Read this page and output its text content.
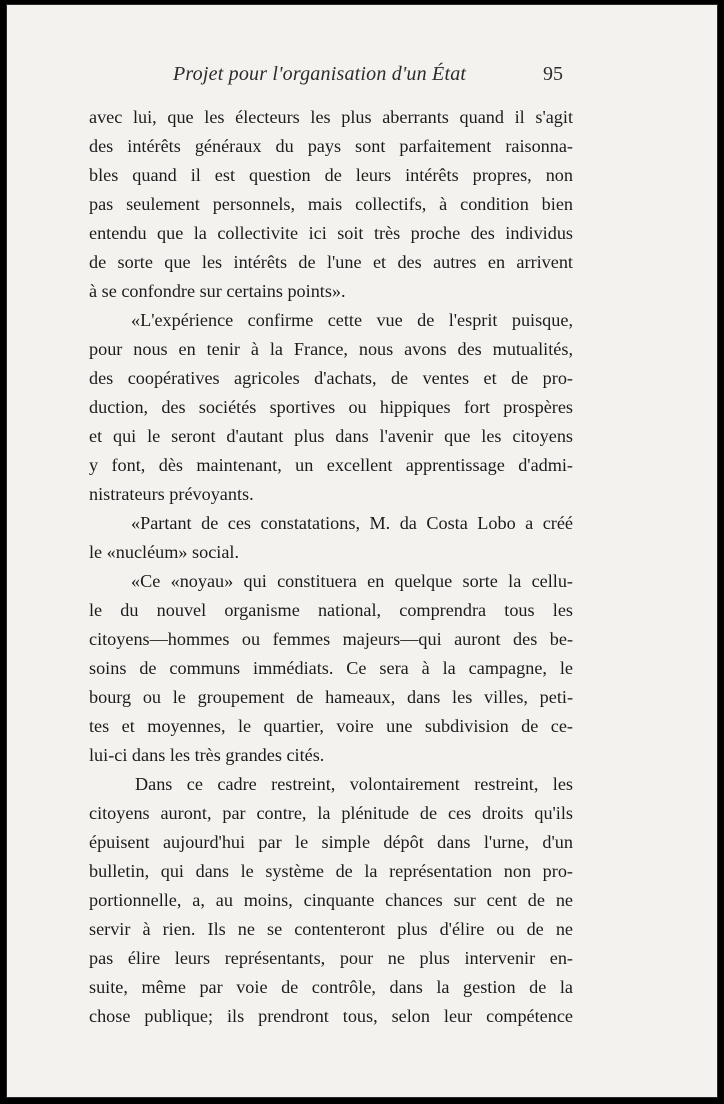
Projet pour l'organisation d'un État	95
avec lui, que les électeurs les plus aberrants quand il s'agit
des intérêts généraux du pays sont parfaitement raisonna-
bles quand il est question de leurs intérêts propres, non
pas seulement personnels, mais collectifs, à condition bien
entendu que la collectivite ici soit très proche des individus
de sorte que les intérêts de l'une et des autres en arrivent
à se confondre sur certains points».
«L'expérience confirme cette vue de l'esprit puisque,
pour nous en tenir à la France, nous avons des mutualités,
des coopératives agricoles d'achats, de ventes et de pro-
duction, des sociétés sportives ou hippiques fort prospères
et qui le seront d'autant plus dans l'avenir que les citoyens
y font, dès maintenant, un excellent apprentissage d'admi-
nistrateurs prévoyants.
«Partant de ces constatations, M. da Costa Lobo a créé
le «nucléum» social.
«Ce «noyau» qui constituera en quelque sorte la cellu-
le du nouvel organisme national, comprendra tous les
citoyens—hommes ou femmes majeurs—qui auront des be-
soins de communs immédiats. Ce sera à la campagne, le
bourg ou le groupement de hameaux, dans les villes, peti-
tes et moyennes, le quartier, voire une subdivision de ce-
lui-ci dans les très grandes cités.
Dans ce cadre restreint, volontairement restreint, les
citoyens auront, par contre, la plénitude de ces droits qu'ils
épuisent aujourd'hui par le simple dépôt dans l'urne, d'un
bulletin, qui dans le système de la représentation non pro-
portionnelle, a, au moins, cinquante chances sur cent de ne
servir à rien. Ils ne se contenteront plus d'élire ou de ne
pas élire leurs représentants, pour ne plus intervenir en-
suite, même par voie de contrôle, dans la gestion de la
chose publique; ils prendront tous, selon leur compétence
